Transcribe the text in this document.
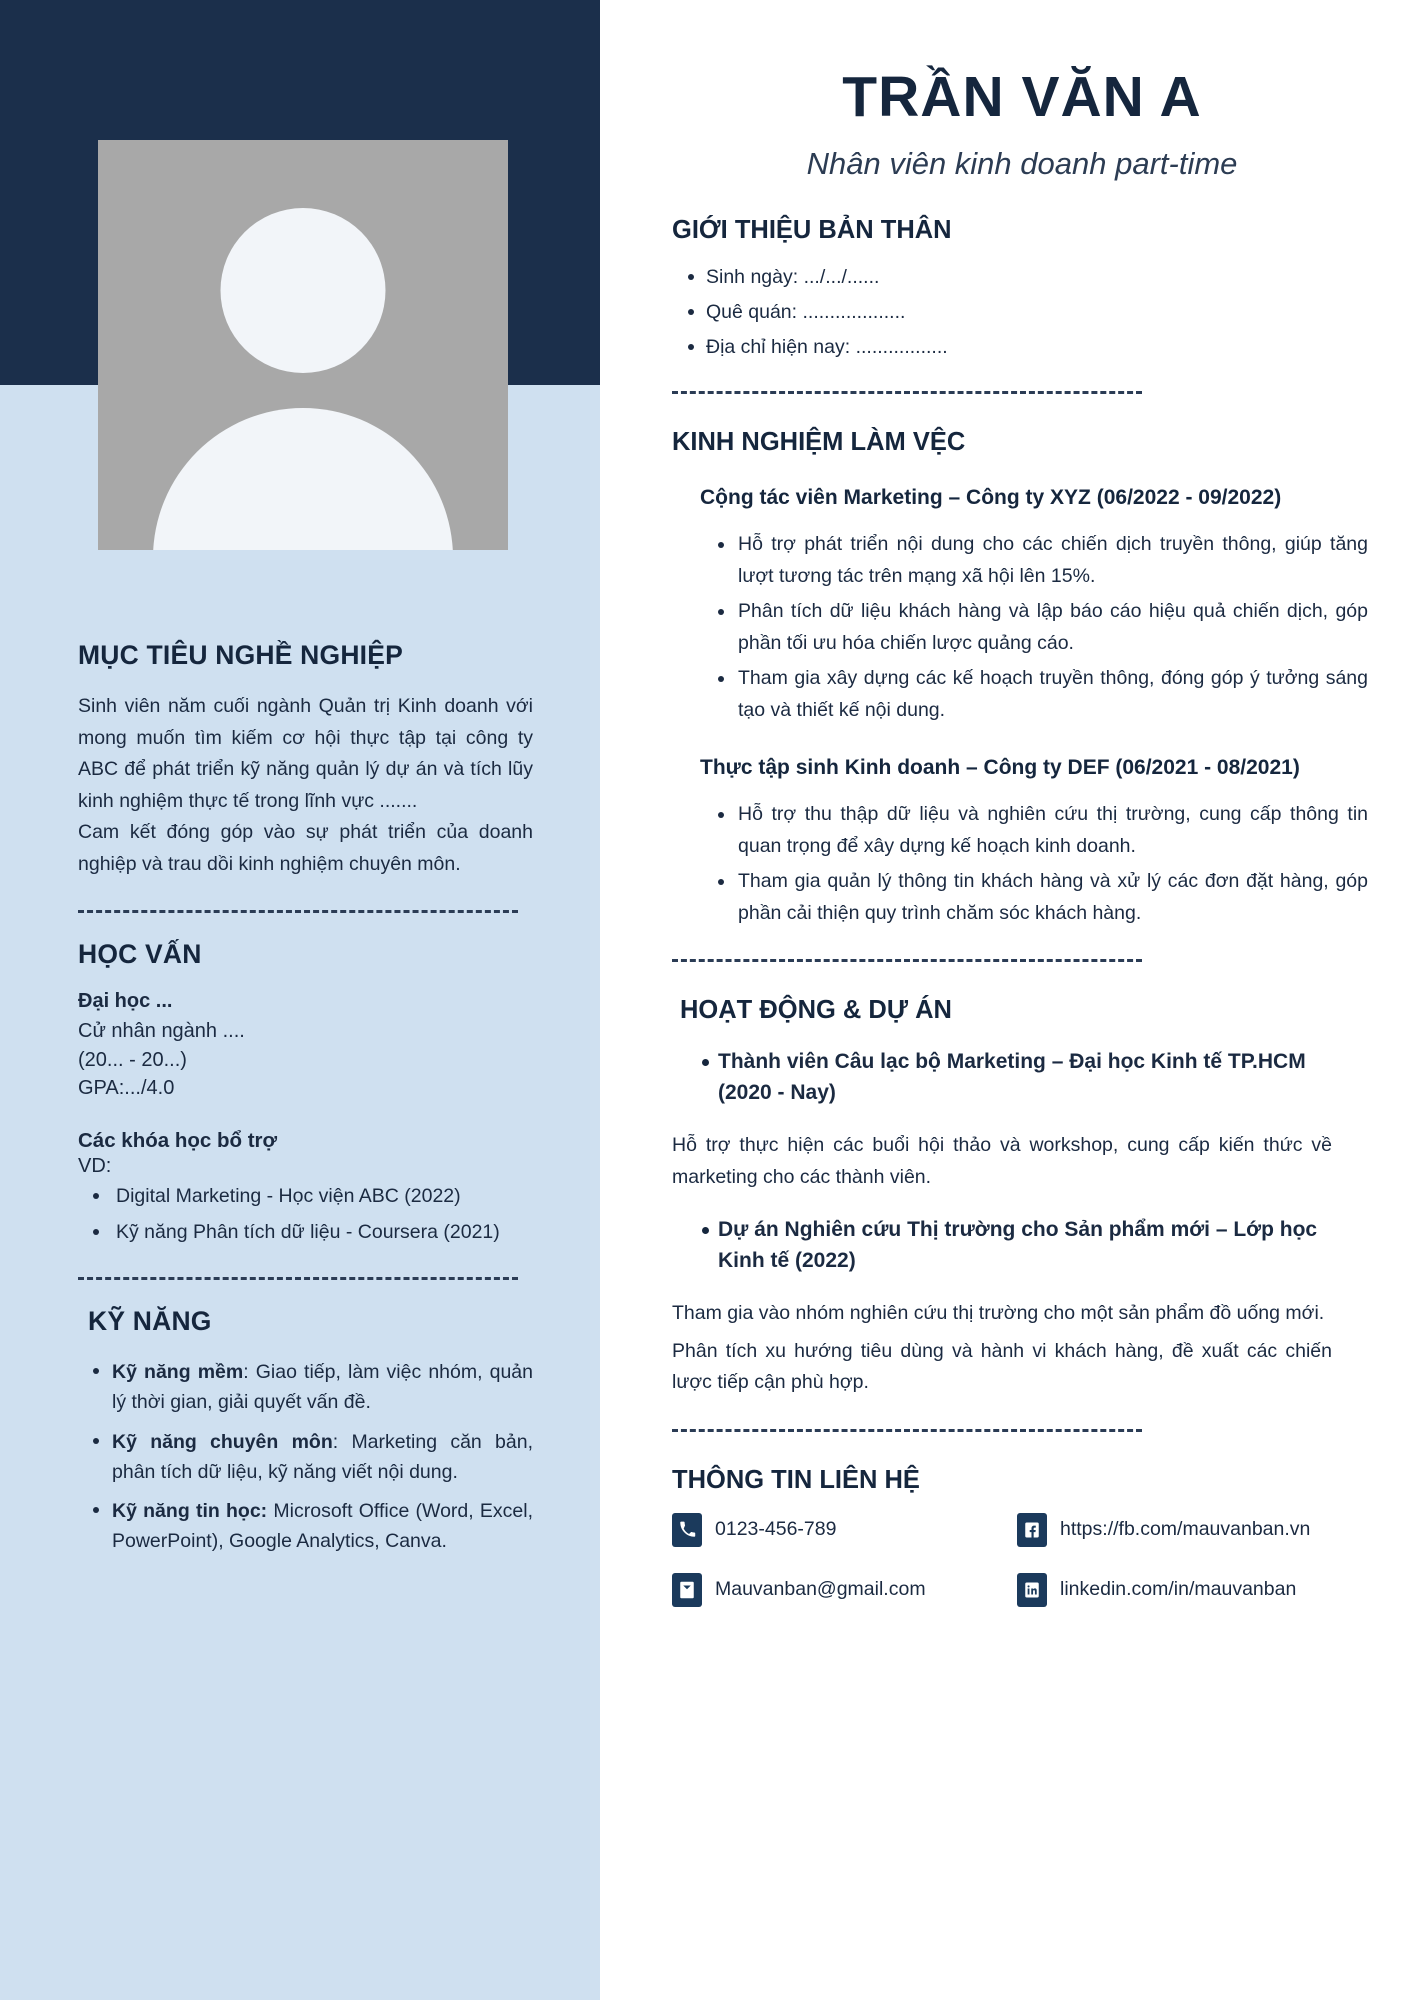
MỤC TIÊU NGHỀ NGHIỆP

Sinh viên năm cuối ngành Quản trị Kinh doanh với mong muốn tìm kiếm cơ hội thực tập tại công ty ABC để phát triển kỹ năng quản lý dự án và tích lũy kinh nghiệm thực tế trong lĩnh vực .......

Cam kết đóng góp vào sự phát triển của doanh nghiệp và trau dồi kinh nghiệm chuyên môn.

HỌC VẤN

Đại học ...

Cử nhân ngành ....

(20... - 20...)

GPA:.../4.0

Các khóa học bổ trợ

VD:

Digital Marketing - Học viện ABC (2022)
Kỹ năng Phân tích dữ liệu - Coursera (2021)
KỸ NĂNG
Kỹ năng mềm: Giao tiếp, làm việc nhóm, quản lý thời gian, giải quyết vấn đề.
Kỹ năng chuyên môn: Marketing căn bản, phân tích dữ liệu, kỹ năng viết nội dung.
Kỹ năng tin học: Microsoft Office (Word, Excel, PowerPoint), Google Analytics, Canva.
TRẦN VĂN A

Nhân viên kinh doanh part-time

GIỚI THIỆU BẢN THÂN
Sinh ngày: .../.../......
Quê quán: ...................
Địa chỉ hiện nay: .................
KINH NGHIỆM LÀM VỆC

Cộng tác viên Marketing – Công ty XYZ (06/2022 - 09/2022)

Hỗ trợ phát triển nội dung cho các chiến dịch truyền thông, giúp tăng lượt tương tác trên mạng xã hội lên 15%.
Phân tích dữ liệu khách hàng và lập báo cáo hiệu quả chiến dịch, góp phần tối ưu hóa chiến lược quảng cáo.
Tham gia xây dựng các kế hoạch truyền thông, đóng góp ý tưởng sáng tạo và thiết kế nội dung.

Thực tập sinh Kinh doanh – Công ty DEF (06/2021 - 08/2021)

Hỗ trợ thu thập dữ liệu và nghiên cứu thị trường, cung cấp thông tin quan trọng để xây dựng kế hoạch kinh doanh.
Tham gia quản lý thông tin khách hàng và xử lý các đơn đặt hàng, góp phần cải thiện quy trình chăm sóc khách hàng.
HOẠT ĐỘNG & DỰ ÁN

Thành viên Câu lạc bộ Marketing – Đại học Kinh tế TP.HCM (2020 - Nay)

Hỗ trợ thực hiện các buổi hội thảo và workshop, cung cấp kiến thức về marketing cho các thành viên.

Dự án Nghiên cứu Thị trường cho Sản phẩm mới – Lớp học Kinh tế (2022)

Tham gia vào nhóm nghiên cứu thị trường cho một sản phẩm đồ uống mới.

Phân tích xu hướng tiêu dùng và hành vi khách hàng, đề xuất các chiến lược tiếp cận phù hợp.

THÔNG TIN LIÊN HỆ
0123-456-789	https://fb.com/mauvanban.vn
Mauvanban@gmail.com	linkedin.com/in/mauvanban
